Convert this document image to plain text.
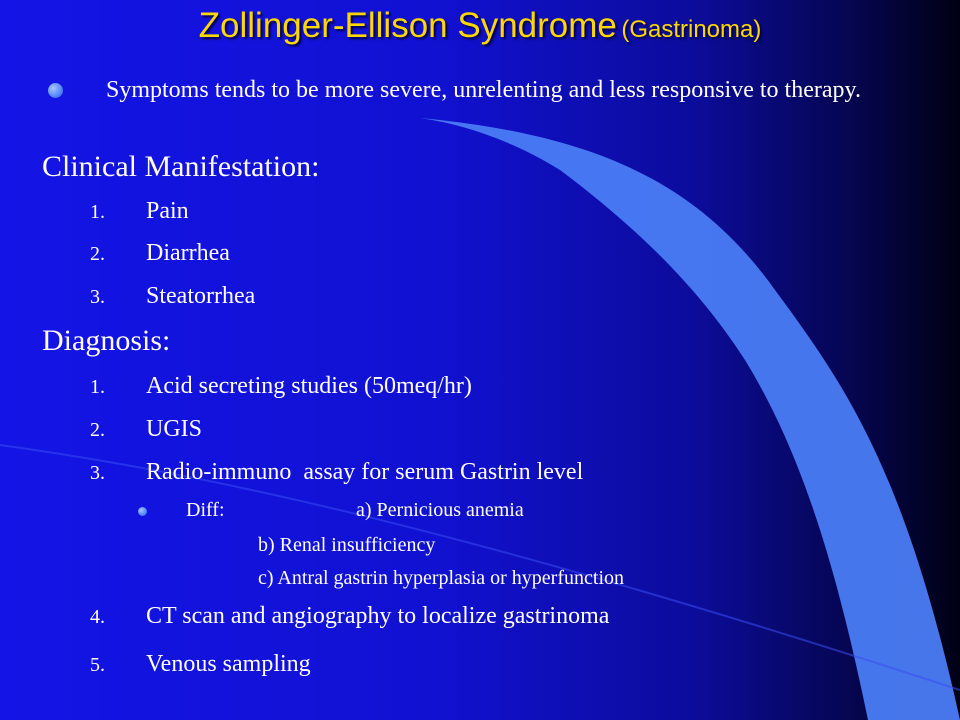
Zollinger-Ellison Syndrome (Gastrinoma)
Symptoms tends to be more severe, unrelenting and less responsive to therapy.
Clinical Manifestation:
1. Pain
2. Diarrhea
3. Steatorrhea
Diagnosis:
1. Acid secreting studies (50meq/hr)
2. UGIS
3. Radio-immuno  assay for serum Gastrin level
Diff:	a) Pernicious anemia
b) Renal insufficiency
c) Antral gastrin hyperplasia or hyperfunction
4. CT scan and angiography to localize gastrinoma
5. Venous sampling
